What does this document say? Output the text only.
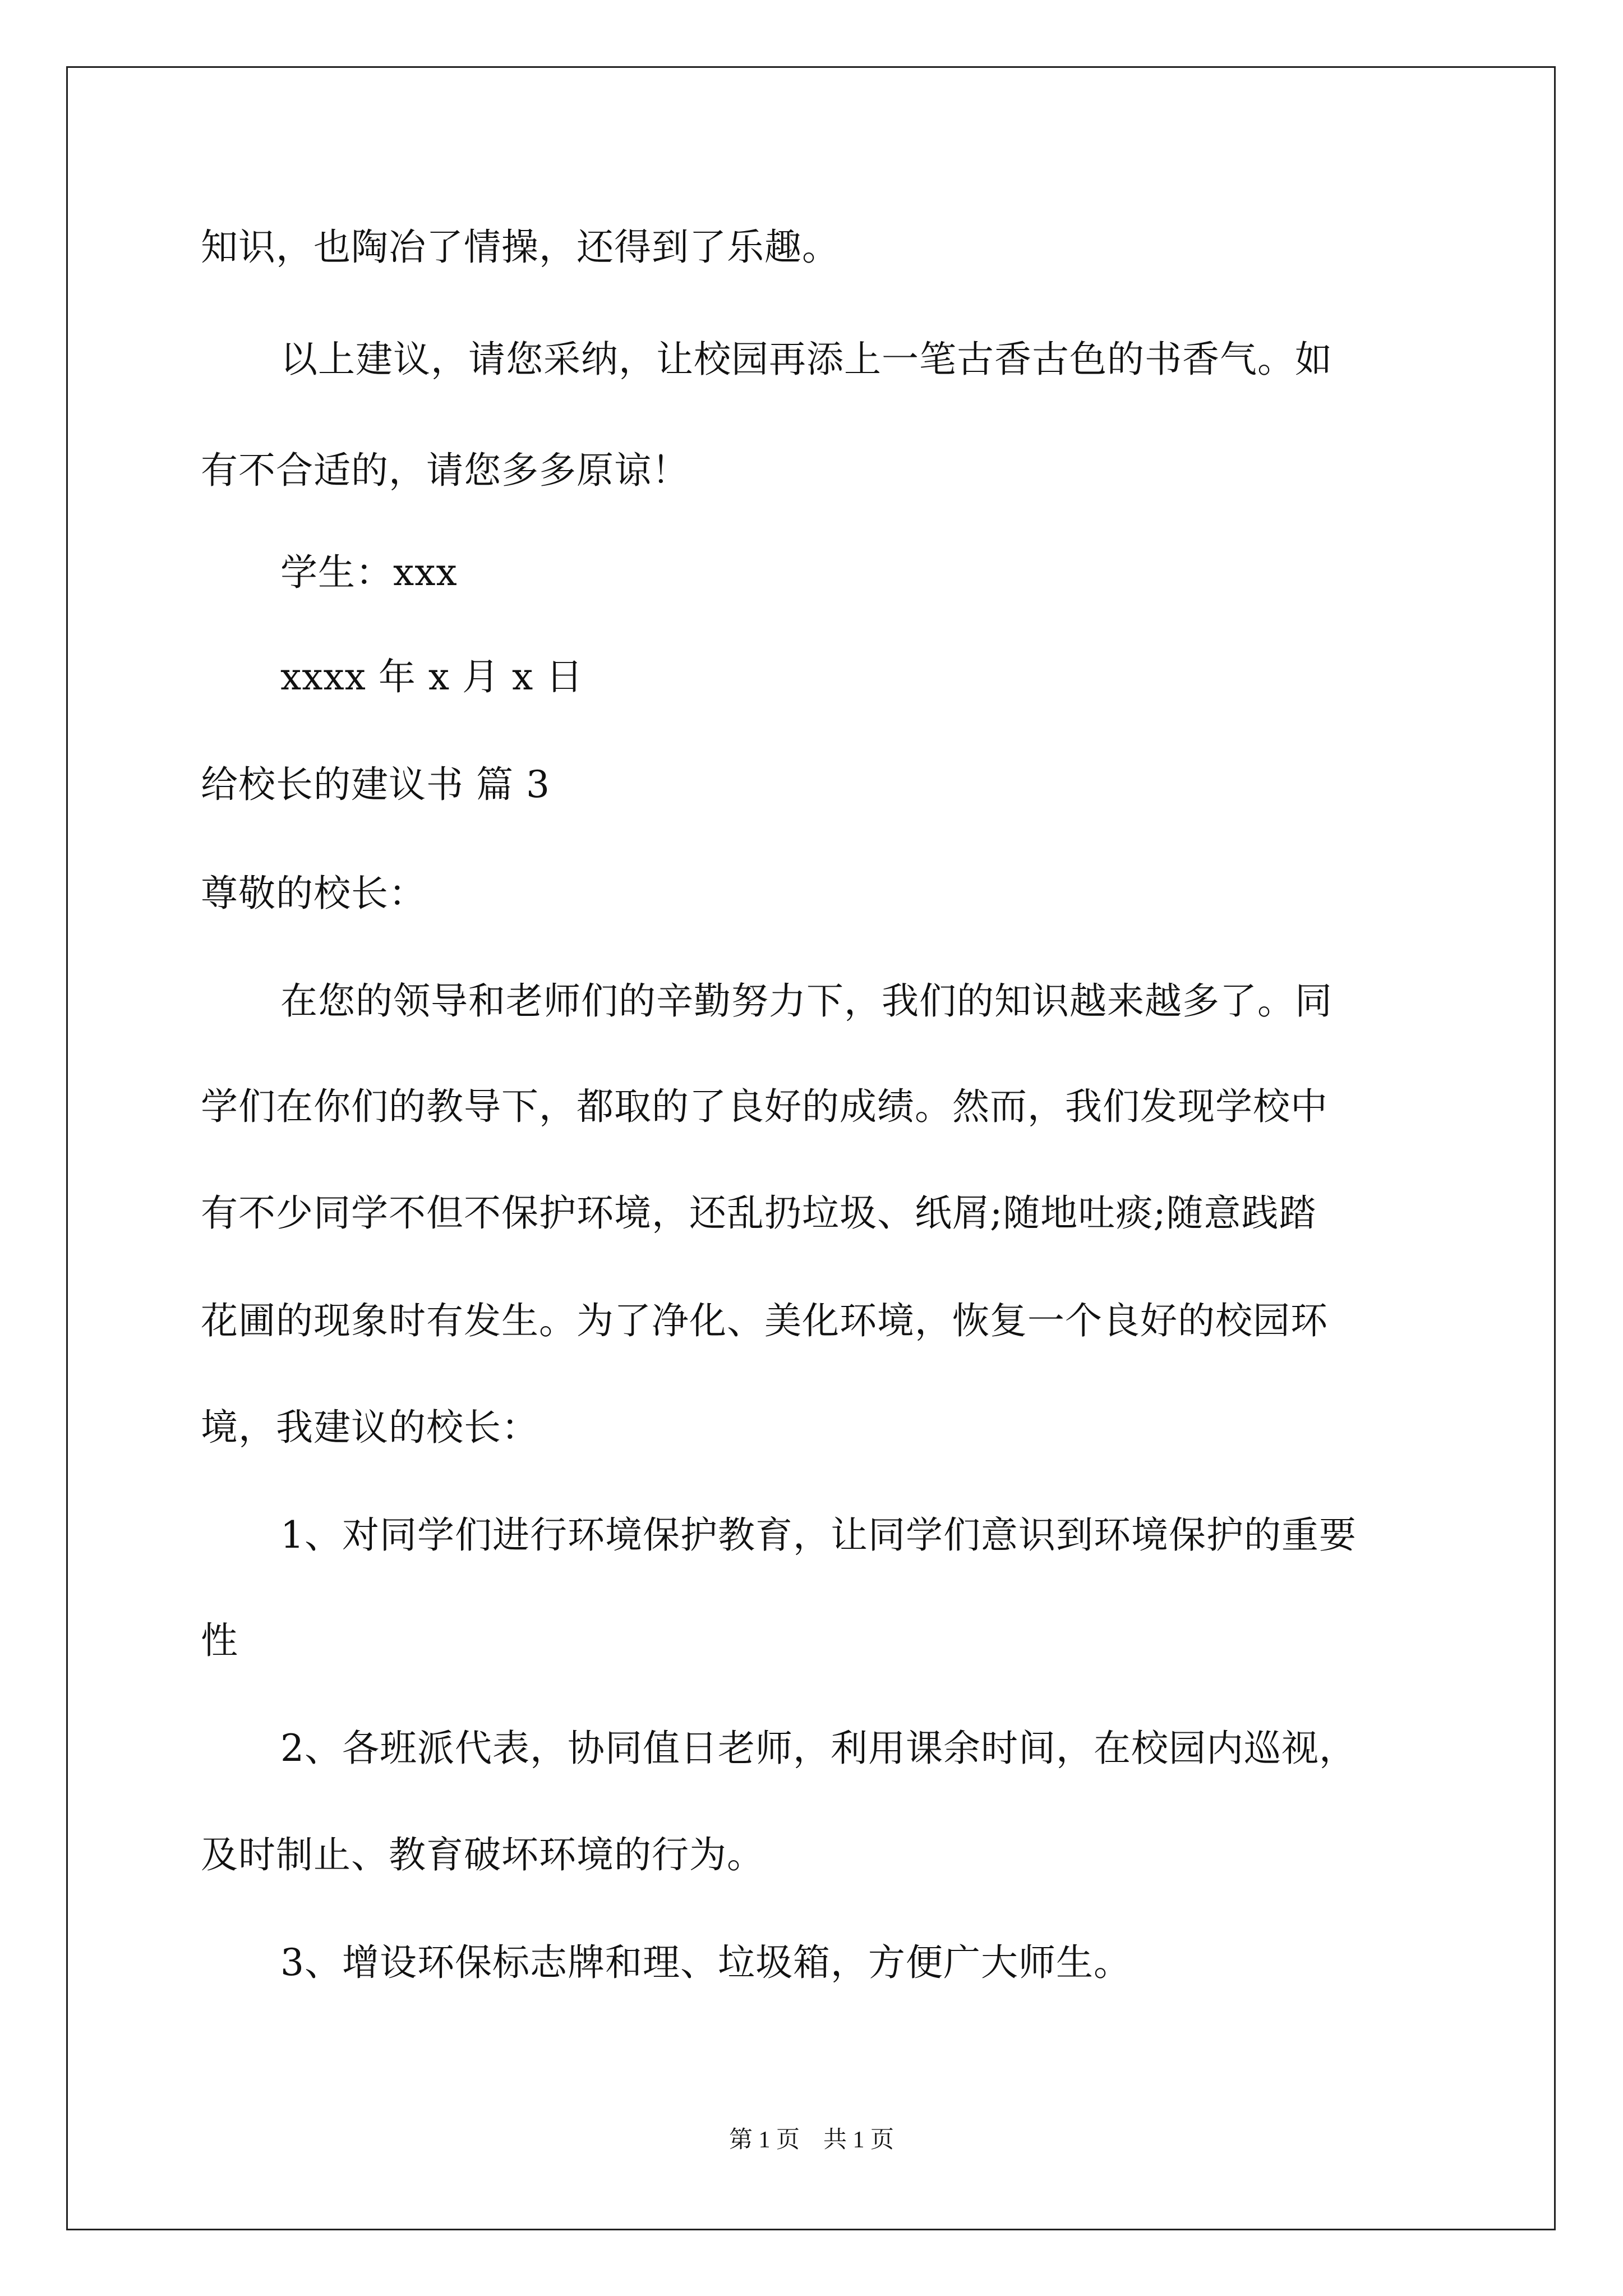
知识，也陶冶了情操，还得到了乐趣。
以上建议，请您采纳，让校园再添上一笔古香古色的书香气。如
有不合适的，请您多多原谅！
学生：xxx
xxxx 年 x 月 x 日
给校长的建议书 篇 3
尊敬的校长：
在您的领导和老师们的辛勤努力下，我们的知识越来越多了。同
学们在你们的教导下，都取的了良好的成绩。然而，我们发现学校中
有不少同学不但不保护环境，还乱扔垃圾、纸屑;随地吐痰;随意践踏
花圃的现象时有发生。为了净化、美化环境，恢复一个良好的校园环
境，我建议的校长：
1、对同学们进行环境保护教育，让同学们意识到环境保护的重要
性
2、各班派代表，协同值日老师，利用课余时间，在校园内巡视，
及时制止、教育破坏环境的行为。
3、增设环保标志牌和理、垃圾箱，方便广大师生。
第 1 页　共 1 页
